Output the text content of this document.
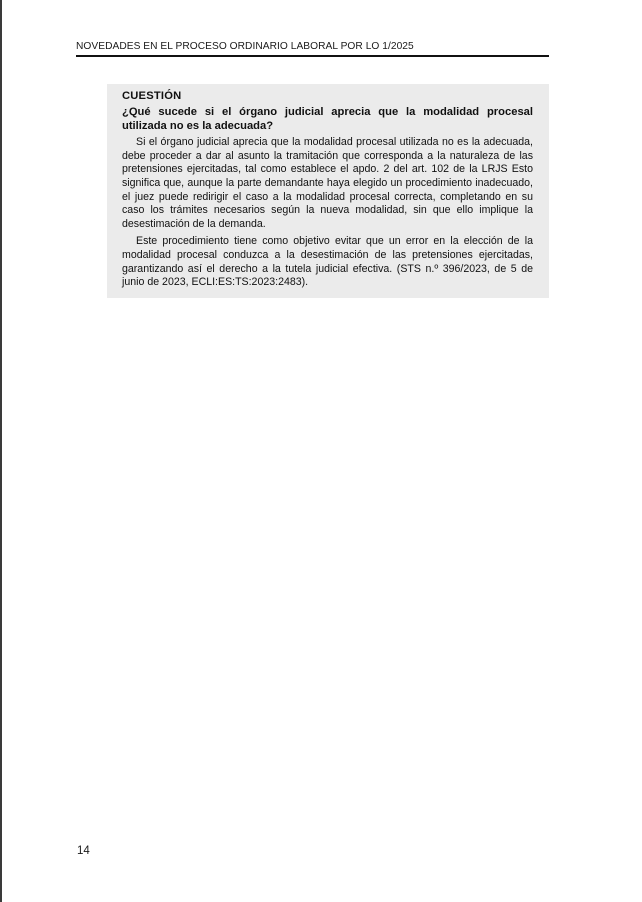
NOVEDADES EN EL PROCESO ORDINARIO LABORAL POR LO 1/2025
CUESTIÓN
¿Qué sucede si el órgano judicial aprecia que la modalidad procesal utilizada no es la adecuada?

Si el órgano judicial aprecia que la modalidad procesal utilizada no es la adecuada, debe proceder a dar al asunto la tramitación que corresponda a la naturaleza de las pretensiones ejercitadas, tal como establece el apdo. 2 del art. 102 de la LRJS Esto significa que, aunque la parte demandante haya elegido un procedimiento inadecuado, el juez puede redirigir el caso a la modalidad procesal correcta, completando en su caso los trámites necesarios según la nueva modalidad, sin que ello implique la desestimación de la demanda.

Este procedimiento tiene como objetivo evitar que un error en la elección de la modalidad procesal conduzca a la desestimación de las pretensiones ejercitadas, garantizando así el derecho a la tutela judicial efectiva. (STS n.º 396/2023, de 5 de junio de 2023, ECLI:ES:TS:2023:2483).

14
